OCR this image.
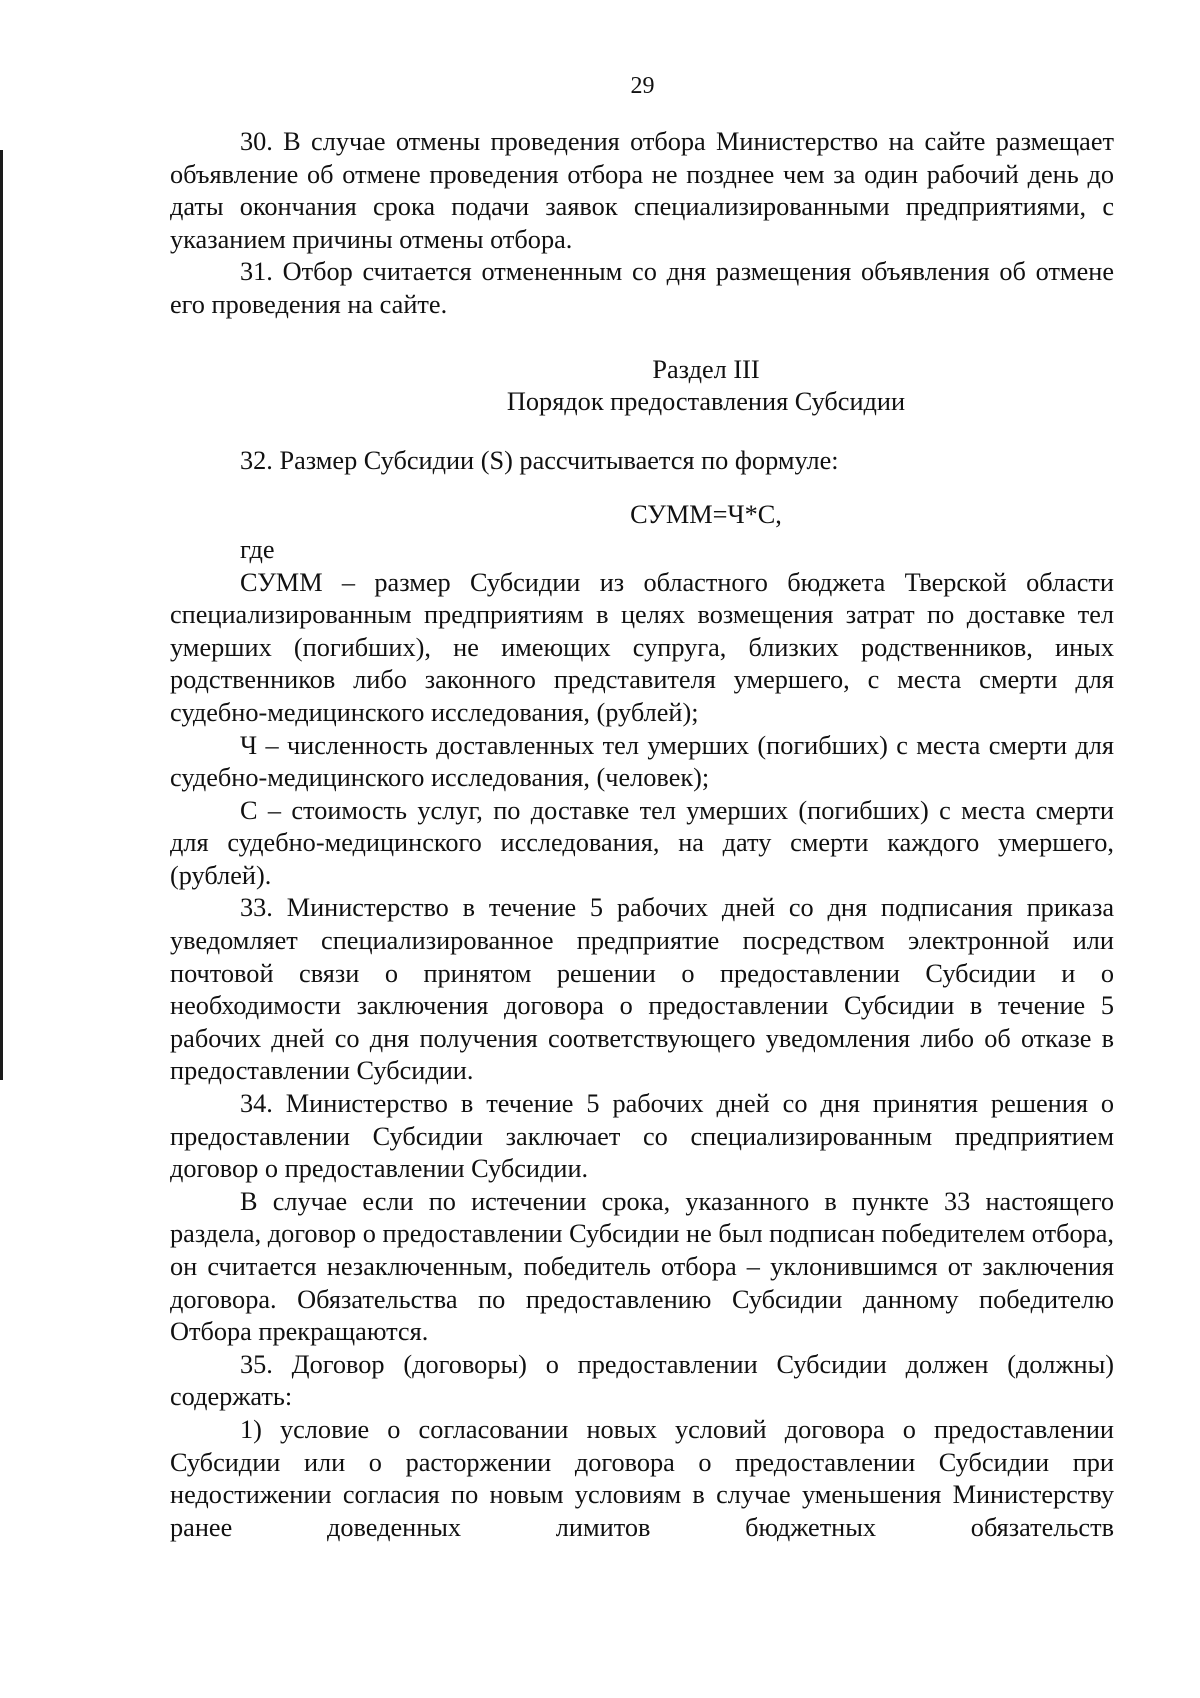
29

30. В случае отмены проведения отбора Министерство на сайте размещает объявление об отмене проведения отбора не позднее чем за один рабочий день до даты окончания срока подачи заявок специализированными предприятиями, с указанием причины отмены отбора.

31. Отбор считается отмененным со дня размещения объявления об отмене его проведения на сайте.

Раздел III

Порядок предоставления Субсидии

32. Размер Субсидии (S) рассчитывается по формуле:

СУММ=Ч*С,

где

СУММ – размер Субсидии из областного бюджета Тверской области специализированным предприятиям в целях возмещения затрат по доставке тел умерших (погибших), не имеющих супруга, близких родственников, иных родственников либо законного представителя умершего, с места смерти для судебно-медицинского исследования, (рублей);

Ч – численность доставленных тел умерших (погибших) с места смерти для судебно-медицинского исследования, (человек);

С – стоимость услуг, по доставке тел умерших (погибших) с места смерти для судебно-медицинского исследования, на дату смерти каждого умершего, (рублей).

33. Министерство в течение 5 рабочих дней со дня подписания приказа уведомляет специализированное предприятие посредством электронной или почтовой связи о принятом решении о предоставлении Субсидии и о необходимости заключения договора о предоставлении Субсидии в течение 5 рабочих дней со дня получения соответствующего уведомления либо об отказе в предоставлении Субсидии.

34. Министерство в течение 5 рабочих дней со дня принятия решения о предоставлении Субсидии заключает со специализированным предприятием договор о предоставлении Субсидии.

В случае если по истечении срока, указанного в пункте 33 настоящего раздела, договор о предоставлении Субсидии не был подписан победителем отбора, он считается незаключенным, победитель отбора – уклонившимся от заключения договора. Обязательства по предоставлению Субсидии данному победителю Отбора прекращаются.

35. Договор (договоры) о предоставлении Субсидии должен (должны) содержать:

1) условие о согласовании новых условий договора о предоставлении Субсидии или о расторжении договора о предоставлении Субсидии при недостижении согласия по новым условиям в случае уменьшения Министерству ранее доведенных лимитов бюджетных обязательств
